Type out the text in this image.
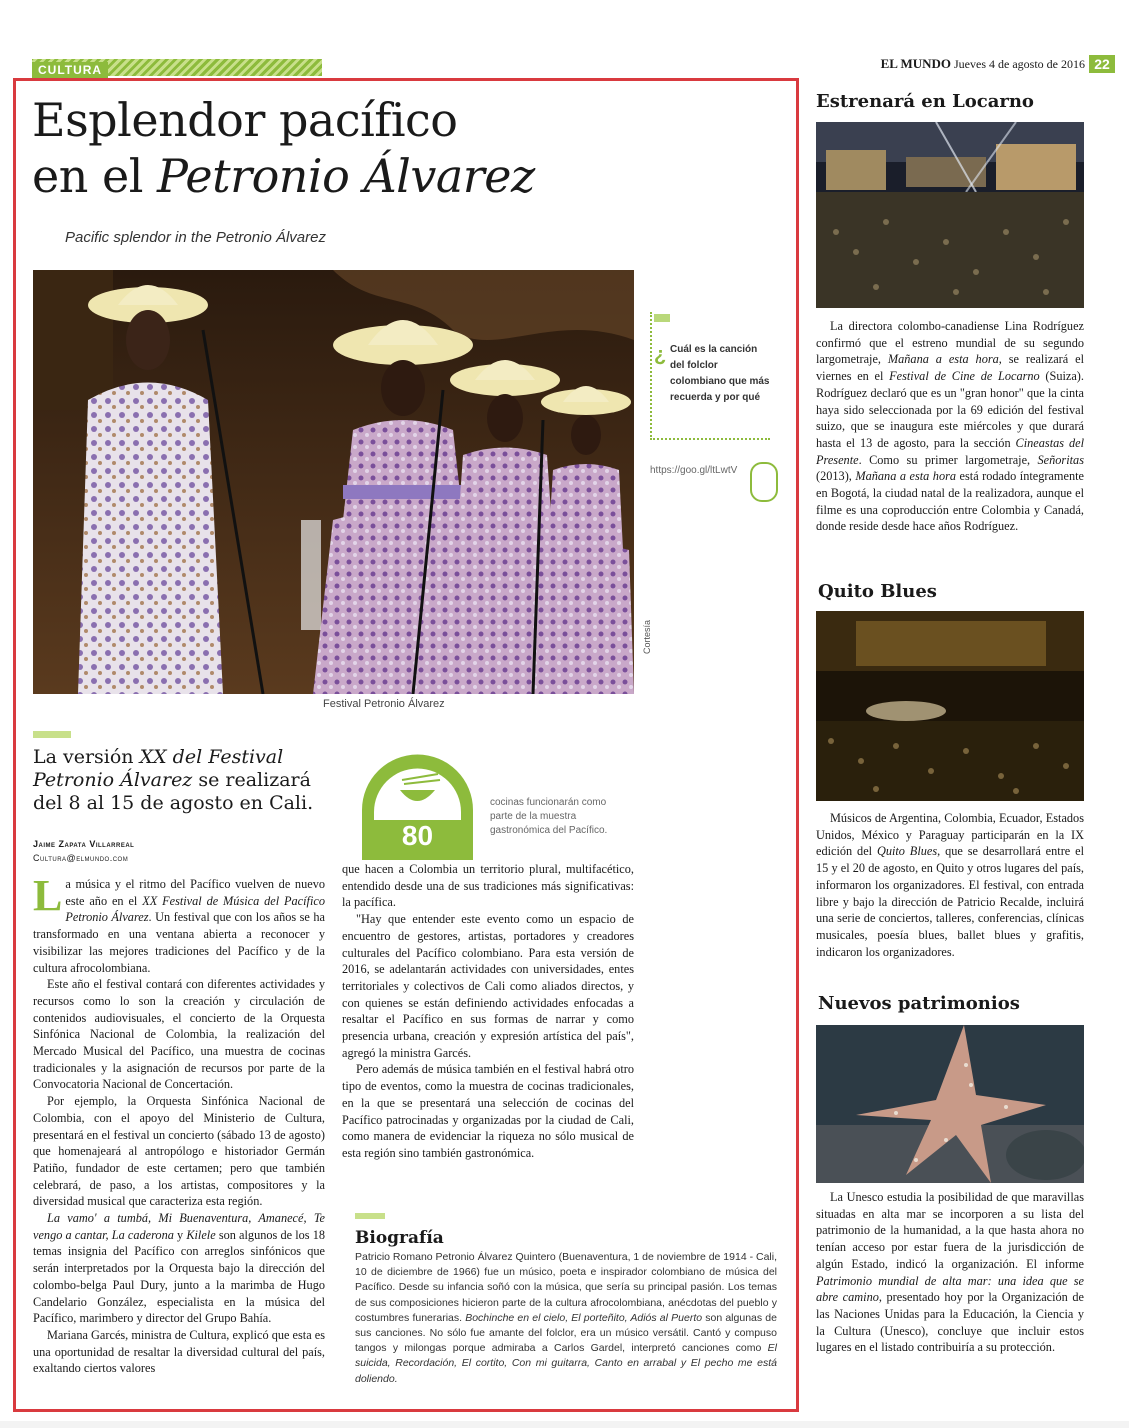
CULTURA	EL MUNDO Jueves 4 de agosto de 2016 22
Esplendor pacífico
en el Petronio Álvarez
Pacific splendor in the Petronio Álvarez
Festival Petronio Álvarez
Cortesía
¿ Cuál es la canción del folclor colombiano que más recuerda y por qué
https://goo.gl/ltLwtV
La versión XX del Festival Petronio Álvarez se realizará del 8 al 15 de agosto en Cali.
Jaime Zapata Villarreal
Cultura@elmundo.com
80
cocinas funcionarán como parte de la muestra gastronómica del Pacífico.

La música y el ritmo del Pacífico vuelven de nuevo este año en el XX Festival de Música del Pacífico Petronio Álvarez. Un festival que con los años se ha transformado en una ventana abierta a reconocer y visibilizar las mejores tradiciones del Pacífico y de la cultura afrocolombiana.

Este año el festival contará con diferentes actividades y recursos como lo son la creación y circulación de contenidos audiovisuales, el concierto de la Orquesta Sinfónica Nacional de Colombia, la realización del Mercado Musical del Pacífico, una muestra de cocinas tradicionales y la asignación de recursos por parte de la Convocatoria Nacional de Concertación.

Por ejemplo, la Orquesta Sinfónica Nacional de Colombia, con el apoyo del Ministerio de Cultura, presentará en el festival un concierto (sábado 13 de agosto) que homenajeará al antropólogo e historiador Germán Patiño, fundador de este certamen; pero que también celebrará, de paso, a los artistas, compositores y la diversidad musical que caracteriza esta región.

La vamo' a tumbá, Mi Buenaventura, Amanecé, Te vengo a cantar, La caderona y Kilele son algunos de los 18 temas insignia del Pacífico con arreglos sinfónicos que serán interpretados por la Orquesta bajo la dirección del colombo-belga Paul Dury, junto a la marimba de Hugo Candelario González, especialista en la música del Pacífico, marimbero y director del Grupo Bahía.

Mariana Garcés, ministra de Cultura, explicó que esta es una oportunidad de resaltar la diversidad cultural del país, exaltando ciertos valores

que hacen a Colombia un territorio plural, multifacético, entendido desde una de sus tradiciones más significativas: la pacífica.

"Hay que entender este evento como un espacio de encuentro de gestores, artistas, portadores y creadores culturales del Pacífico colombiano. Para esta versión de 2016, se adelantarán actividades con universidades, entes territoriales y colectivos de Cali como aliados directos, y con quienes se están definiendo actividades enfocadas a resaltar el Pacífico en sus formas de narrar y como presencia urbana, creación y expresión artística del país", agregó la ministra Garcés.

Pero además de música también en el festival habrá otro tipo de eventos, como la muestra de cocinas tradicionales, en la que se presentará una selección de cocinas del Pacífico patrocinadas y organizadas por la ciudad de Cali, como manera de evidenciar la riqueza no sólo musical de esta región sino también gastronómica.

Biografía
Patricio Romano Petronio Álvarez Quintero (Buenaventura, 1 de noviembre de 1914 - Cali, 10 de diciembre de 1966) fue un músico, poeta e inspirador colombiano de música del Pacífico. Desde su infancia soñó con la música, que sería su principal pasión. Los temas de sus composiciones hicieron parte de la cultura afrocolombiana, anécdotas del pueblo y costumbres funerarias. Bochinche en el cielo, El porteñito, Adiós al Puerto son algunas de sus canciones. No sólo fue amante del folclor, era un músico versátil. Cantó y compuso tangos y milongas porque admiraba a Carlos Gardel, interpretó canciones como El suicida, Recordación, El cortito, Con mi guitarra, Canto en arrabal y El pecho me está doliendo.
Estrenará en Locarno

La directora colombo-canadiense Lina Rodríguez confirmó que el estreno mundial de su segundo largometraje, Mañana a esta hora, se realizará el viernes en el Festival de Cine de Locarno (Suiza). Rodríguez declaró que es un "gran honor" que la cinta haya sido seleccionada por la 69 edición del festival suizo, que se inaugura este miércoles y que durará hasta el 13 de agosto, para la sección Cineastas del Presente. Como su primer largometraje, Señoritas (2013), Mañana a esta hora está rodado íntegramente en Bogotá, la ciudad natal de la realizadora, aunque el filme es una coproducción entre Colombia y Canadá, donde reside desde hace años Rodríguez.

Quito Blues

Músicos de Argentina, Colombia, Ecuador, Estados Unidos, México y Paraguay participarán en la IX edición del Quito Blues, que se desarrollará entre el 15 y el 20 de agosto, en Quito y otros lugares del país, informaron los organizadores. El festival, con entrada libre y bajo la dirección de Patricio Recalde, incluirá una serie de conciertos, talleres, conferencias, clínicas musicales, poesía blues, ballet blues y grafitis, indicaron los organizadores.

Nuevos patrimonios

La Unesco estudia la posibilidad de que maravillas situadas en alta mar se incorporen a su lista del patrimonio de la humanidad, a la que hasta ahora no tenían acceso por estar fuera de la jurisdicción de algún Estado, indicó la organización. El informe Patrimonio mundial de alta mar: una idea que se abre camino, presentado hoy por la Organización de las Naciones Unidas para la Educación, la Ciencia y la Cultura (Unesco), concluye que incluir estos lugares en el listado contribuiría a su protección.
